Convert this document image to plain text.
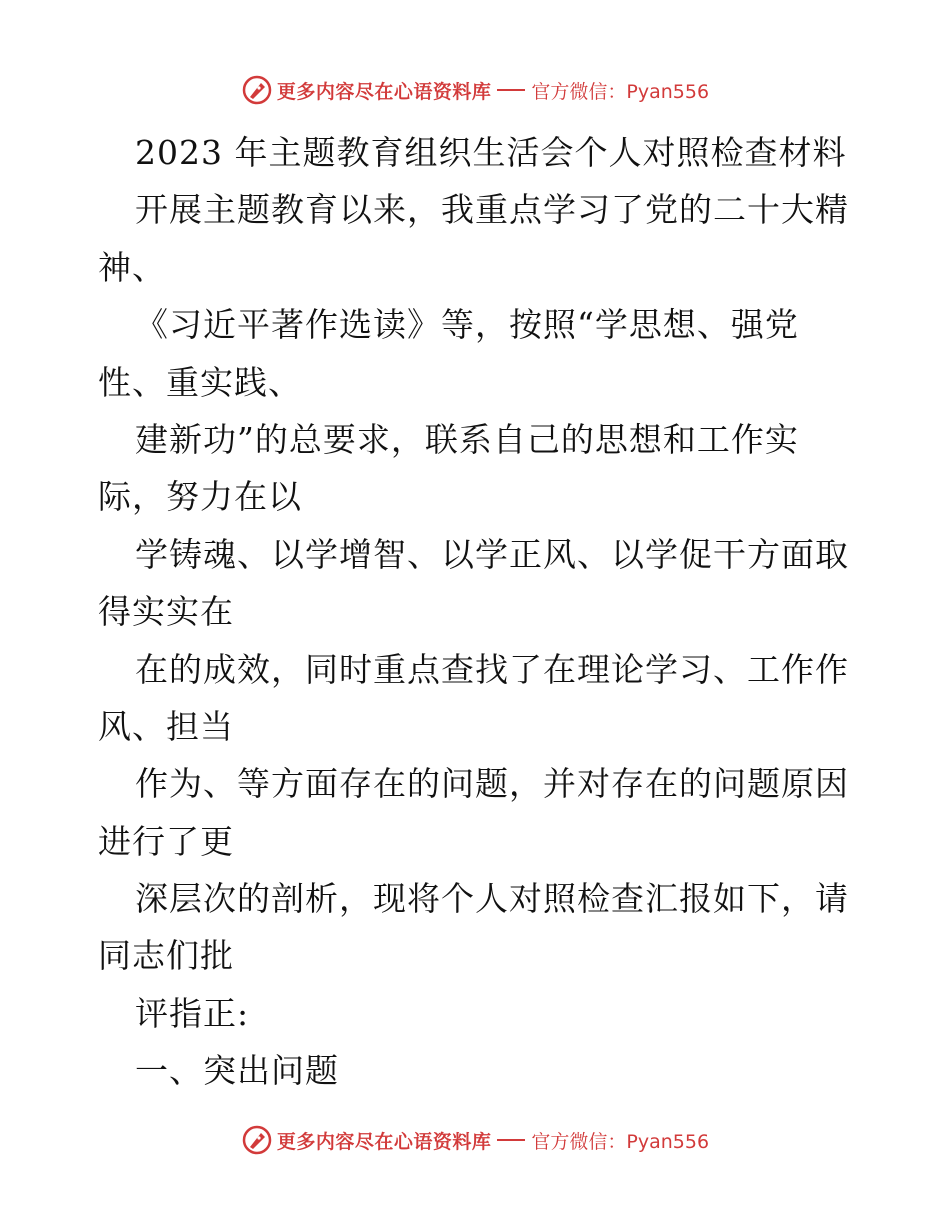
更多内容尽在心语资料库 官方微信：Pyan556
2023 年主题教育组织生活会个人对照检查材料
开展主题教育以来，我重点学习了党的二十大精
神、
《习近平著作选读》等，按照“学思想、强党
性、重实践、
建新功”的总要求，联系自己的思想和工作实
际，努力在以
学铸魂、以学增智、以学正风、以学促干方面取
得实实在
在的成效，同时重点查找了在理论学习、工作作
风、担当
作为、等方面存在的问题，并对存在的问题原因
进行了更
深层次的剖析，现将个人对照检查汇报如下，请
同志们批
评指正:
一、突出问题
更多内容尽在心语资料库 官方微信：Pyan556
